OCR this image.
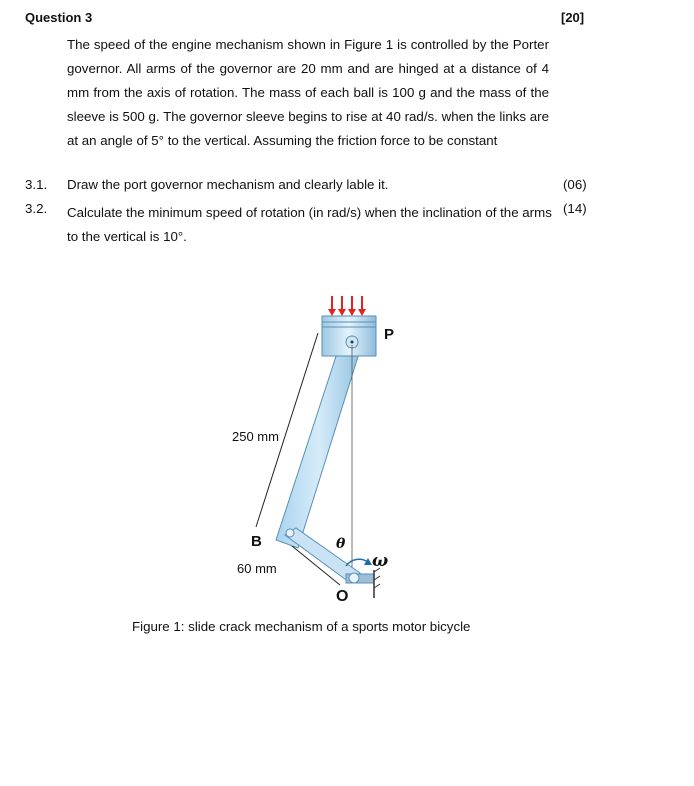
Question 3	[20]
The speed of the engine mechanism shown in Figure 1 is controlled by the Porter governor. All arms of the governor are 20 mm and are hinged at a distance of 4 mm from the axis of rotation. The mass of each ball is 100 g and the mass of the sleeve is 500 g. The governor sleeve begins to rise at 40 rad/s. when the links are at an angle of 5° to the vertical. Assuming the friction force to be constant
3.1. Draw the port governor mechanism and clearly lable it.	(06)
3.2. Calculate the minimum speed of rotation (in rad/s) when the inclination of the arms to the vertical is 10°.
(14)
P
250 mm
B	θ
ω
60 mm
O
Figure 1: slide crack mechanism of a sports motor bicycle
